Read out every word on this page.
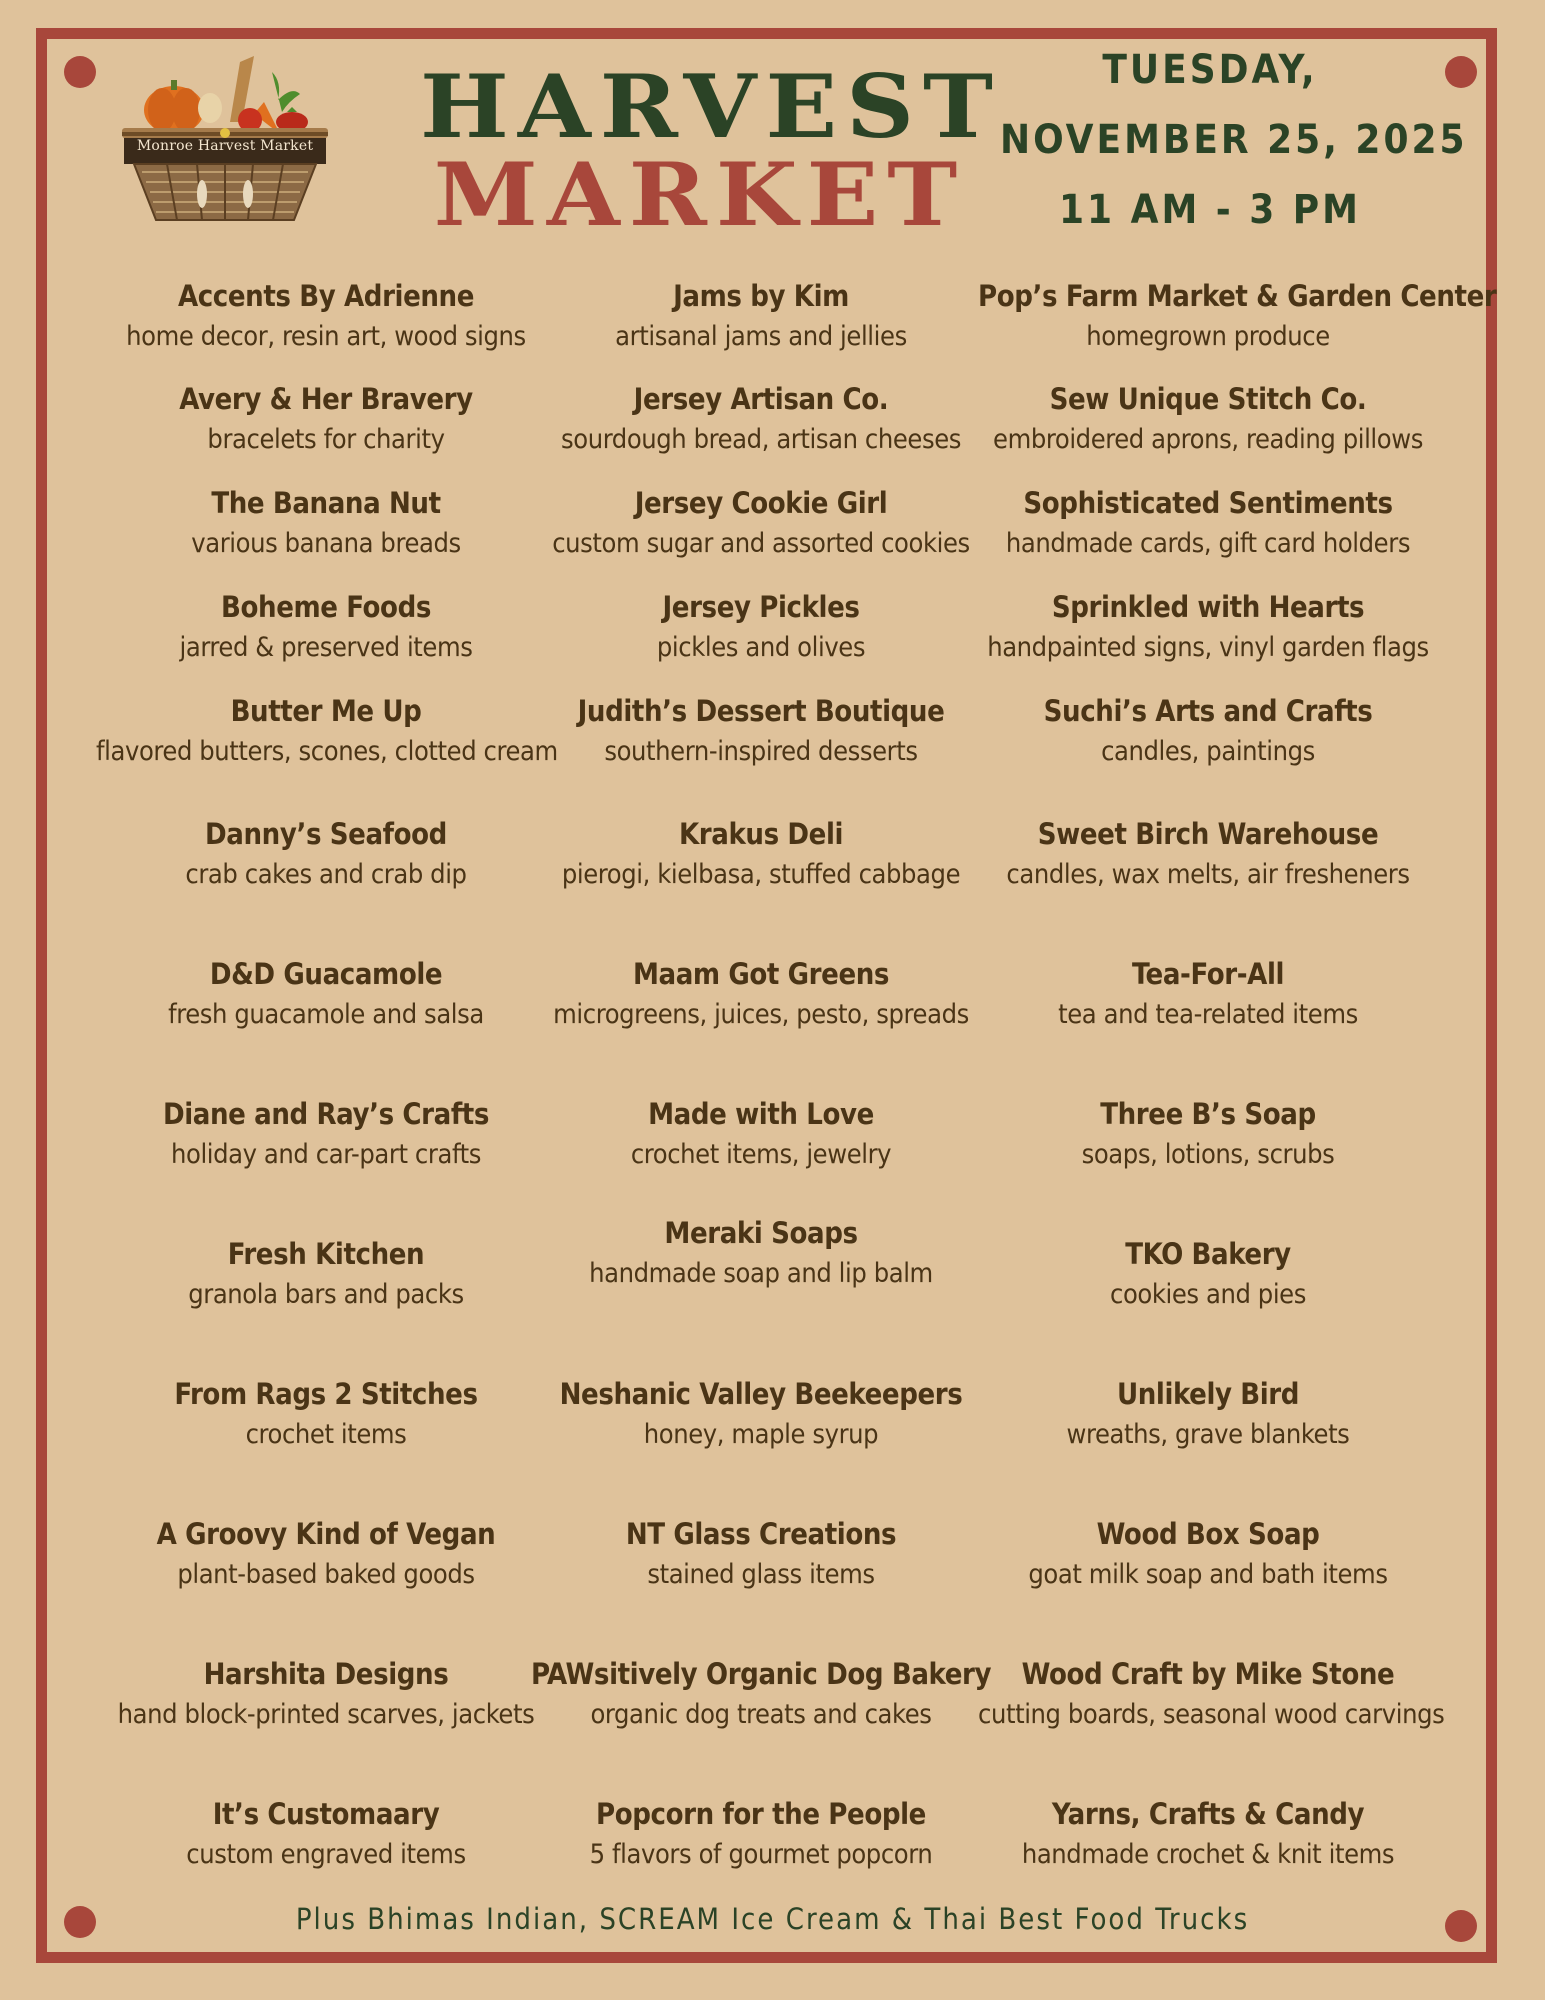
Monroe Harvest Market HARVEST
MARKET
TUESDAY,
NOVEMBER 25, 2025
11 AM - 3 PM
Accents By Adrienne
home decor, resin art, wood signs
Avery & Her Bravery
bracelets for charity
The Banana Nut
various banana breads
Boheme Foods
jarred & preserved items
Butter Me Up
flavored butters, scones, clotted cream
Danny’s Seafood
crab cakes and crab dip
D&D Guacamole
fresh guacamole and salsa
Diane and Ray’s Crafts
holiday and car-part crafts
Fresh Kitchen
granola bars and packs
From Rags 2 Stitches
crochet items
A Groovy Kind of Vegan
plant-based baked goods
Harshita Designs
hand block-printed scarves, jackets
It’s Customaary
custom engraved items
Jams by Kim
artisanal jams and jellies
Jersey Artisan Co.
sourdough bread, artisan cheeses
Jersey Cookie Girl
custom sugar and assorted cookies
Jersey Pickles
pickles and olives
Judith’s Dessert Boutique
southern-inspired desserts
Krakus Deli
pierogi, kielbasa, stuffed cabbage
Maam Got Greens
microgreens, juices, pesto, spreads
Made with Love
crochet items, jewelry
Meraki Soaps
handmade soap and lip balm
Neshanic Valley Beekeepers
honey, maple syrup
NT Glass Creations
stained glass items
PAWsitively Organic Dog Bakery
organic dog treats and cakes
Popcorn for the People
5 flavors of gourmet popcorn
Pop’s Farm Market & Garden Center
homegrown produce
Sew Unique Stitch Co.
embroidered aprons, reading pillows
Sophisticated Sentiments
handmade cards, gift card holders
Sprinkled with Hearts
handpainted signs, vinyl garden flags
Suchi’s Arts and Crafts
candles, paintings
Sweet Birch Warehouse
candles, wax melts, air fresheners
Tea-For-All
tea and tea-related items
Three B’s Soap
soaps, lotions, scrubs
TKO Bakery
cookies and pies
Unlikely Bird
wreaths, grave blankets
Wood Box Soap
goat milk soap and bath items
Wood Craft by Mike Stone
cutting boards, seasonal wood carvings
Yarns, Crafts & Candy
handmade crochet & knit items
Plus Bhimas Indian, SCREAM Ice Cream & Thai Best Food Trucks
